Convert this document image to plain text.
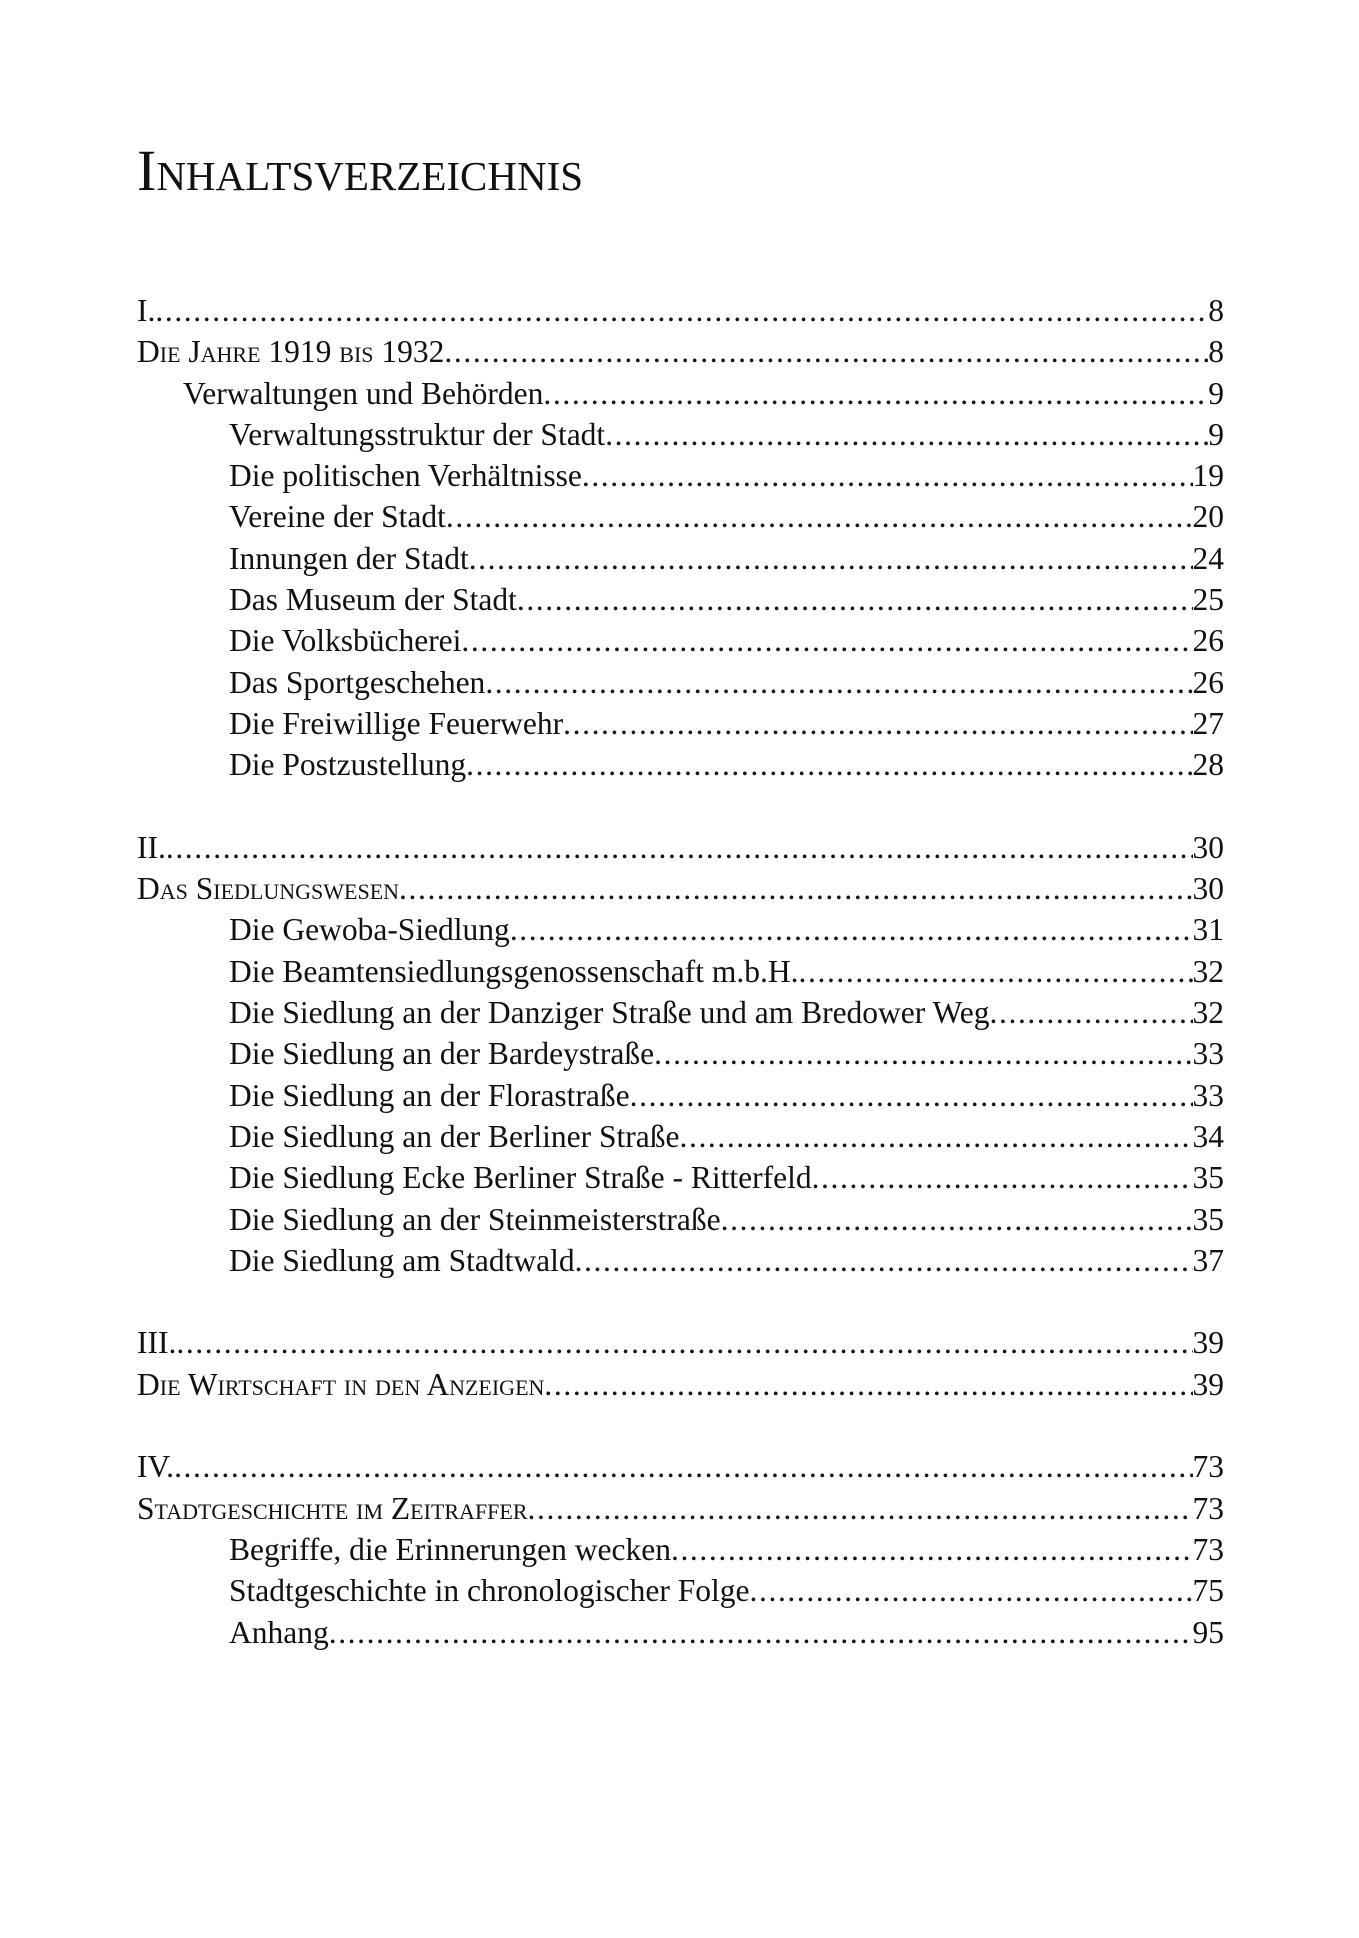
Inhaltsverzeichnis
I. .....	8
Die Jahre 1919 bis 1932 .....	8
Verwaltungen und Behörden .....	9
Verwaltungsstruktur der Stadt .....	9
Die politischen Verhältnisse .....	19
Vereine der Stadt .....	20
Innungen der Stadt .....	24
Das Museum der Stadt .....	25
Die Volksbücherei .....	26
Das Sportgeschehen .....	26
Die Freiwillige Feuerwehr .....	27
Die Postzustellung .....	28
II. .....	30
Das Siedlungswesen .....	30
Die Gewoba-Siedlung .....	31
Die Beamtensiedlungsgenossenschaft m.b.H. .....	32
Die Siedlung an der Danziger Straße und am Bredower Weg .....	32
Die Siedlung an der Bardeystraße .....	33
Die Siedlung an der Florastraße .....	33
Die Siedlung an der Berliner Straße .....	34
Die Siedlung Ecke Berliner Straße - Ritterfeld .....	35
Die Siedlung an der Steinmeisterstraße .....	35
Die Siedlung am Stadtwald .....	37
III. .....	39
Die Wirtschaft in den Anzeigen .....	39
IV. .....	73
Stadtgeschichte im Zeitraffer .....	73
Begriffe, die Erinnerungen wecken .....	73
Stadtgeschichte in chronologischer Folge .....	75
Anhang .....	95
